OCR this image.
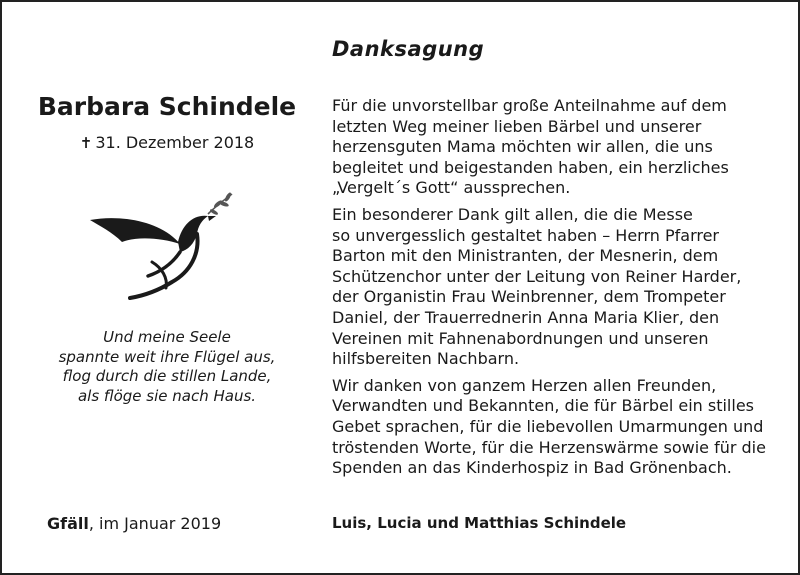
Danksagung
Barbara Schindele
✝ 31. Dezember 2018
Und meine Seele
spannte weit ihre Flügel aus,
flog durch die stillen Lande,
als flöge sie nach Haus.
Für die unvorstellbar große Anteilnahme auf dem
letzten Weg meiner lieben Bärbel und unserer
herzensguten Mama möchten wir allen, die uns
begleitet und beigestanden haben, ein herzliches
„Vergelt´s Gott“ aussprechen.
Ein besonderer Dank gilt allen, die die Messe
so unvergesslich gestaltet haben – Herrn Pfarrer
Barton mit den Ministranten, der Mesnerin, dem
Schützenchor unter der Leitung von Reiner Harder,
der Organistin Frau Weinbrenner, dem Trompeter
Daniel, der Trauerrednerin Anna Maria Klier, den
Vereinen mit Fahnenabordnungen und unseren
hilfsbereiten Nachbarn.
Wir danken von ganzem Herzen allen Freunden,
Verwandten und Bekannten, die für Bärbel ein stilles
Gebet sprachen, für die liebevollen Umarmungen und
tröstenden Worte, für die Herzenswärme sowie für die
Spenden an das Kinderhospiz in Bad Grönenbach.
Gfäll, im Januar 2019	Luis, Lucia und Matthias Schindele
